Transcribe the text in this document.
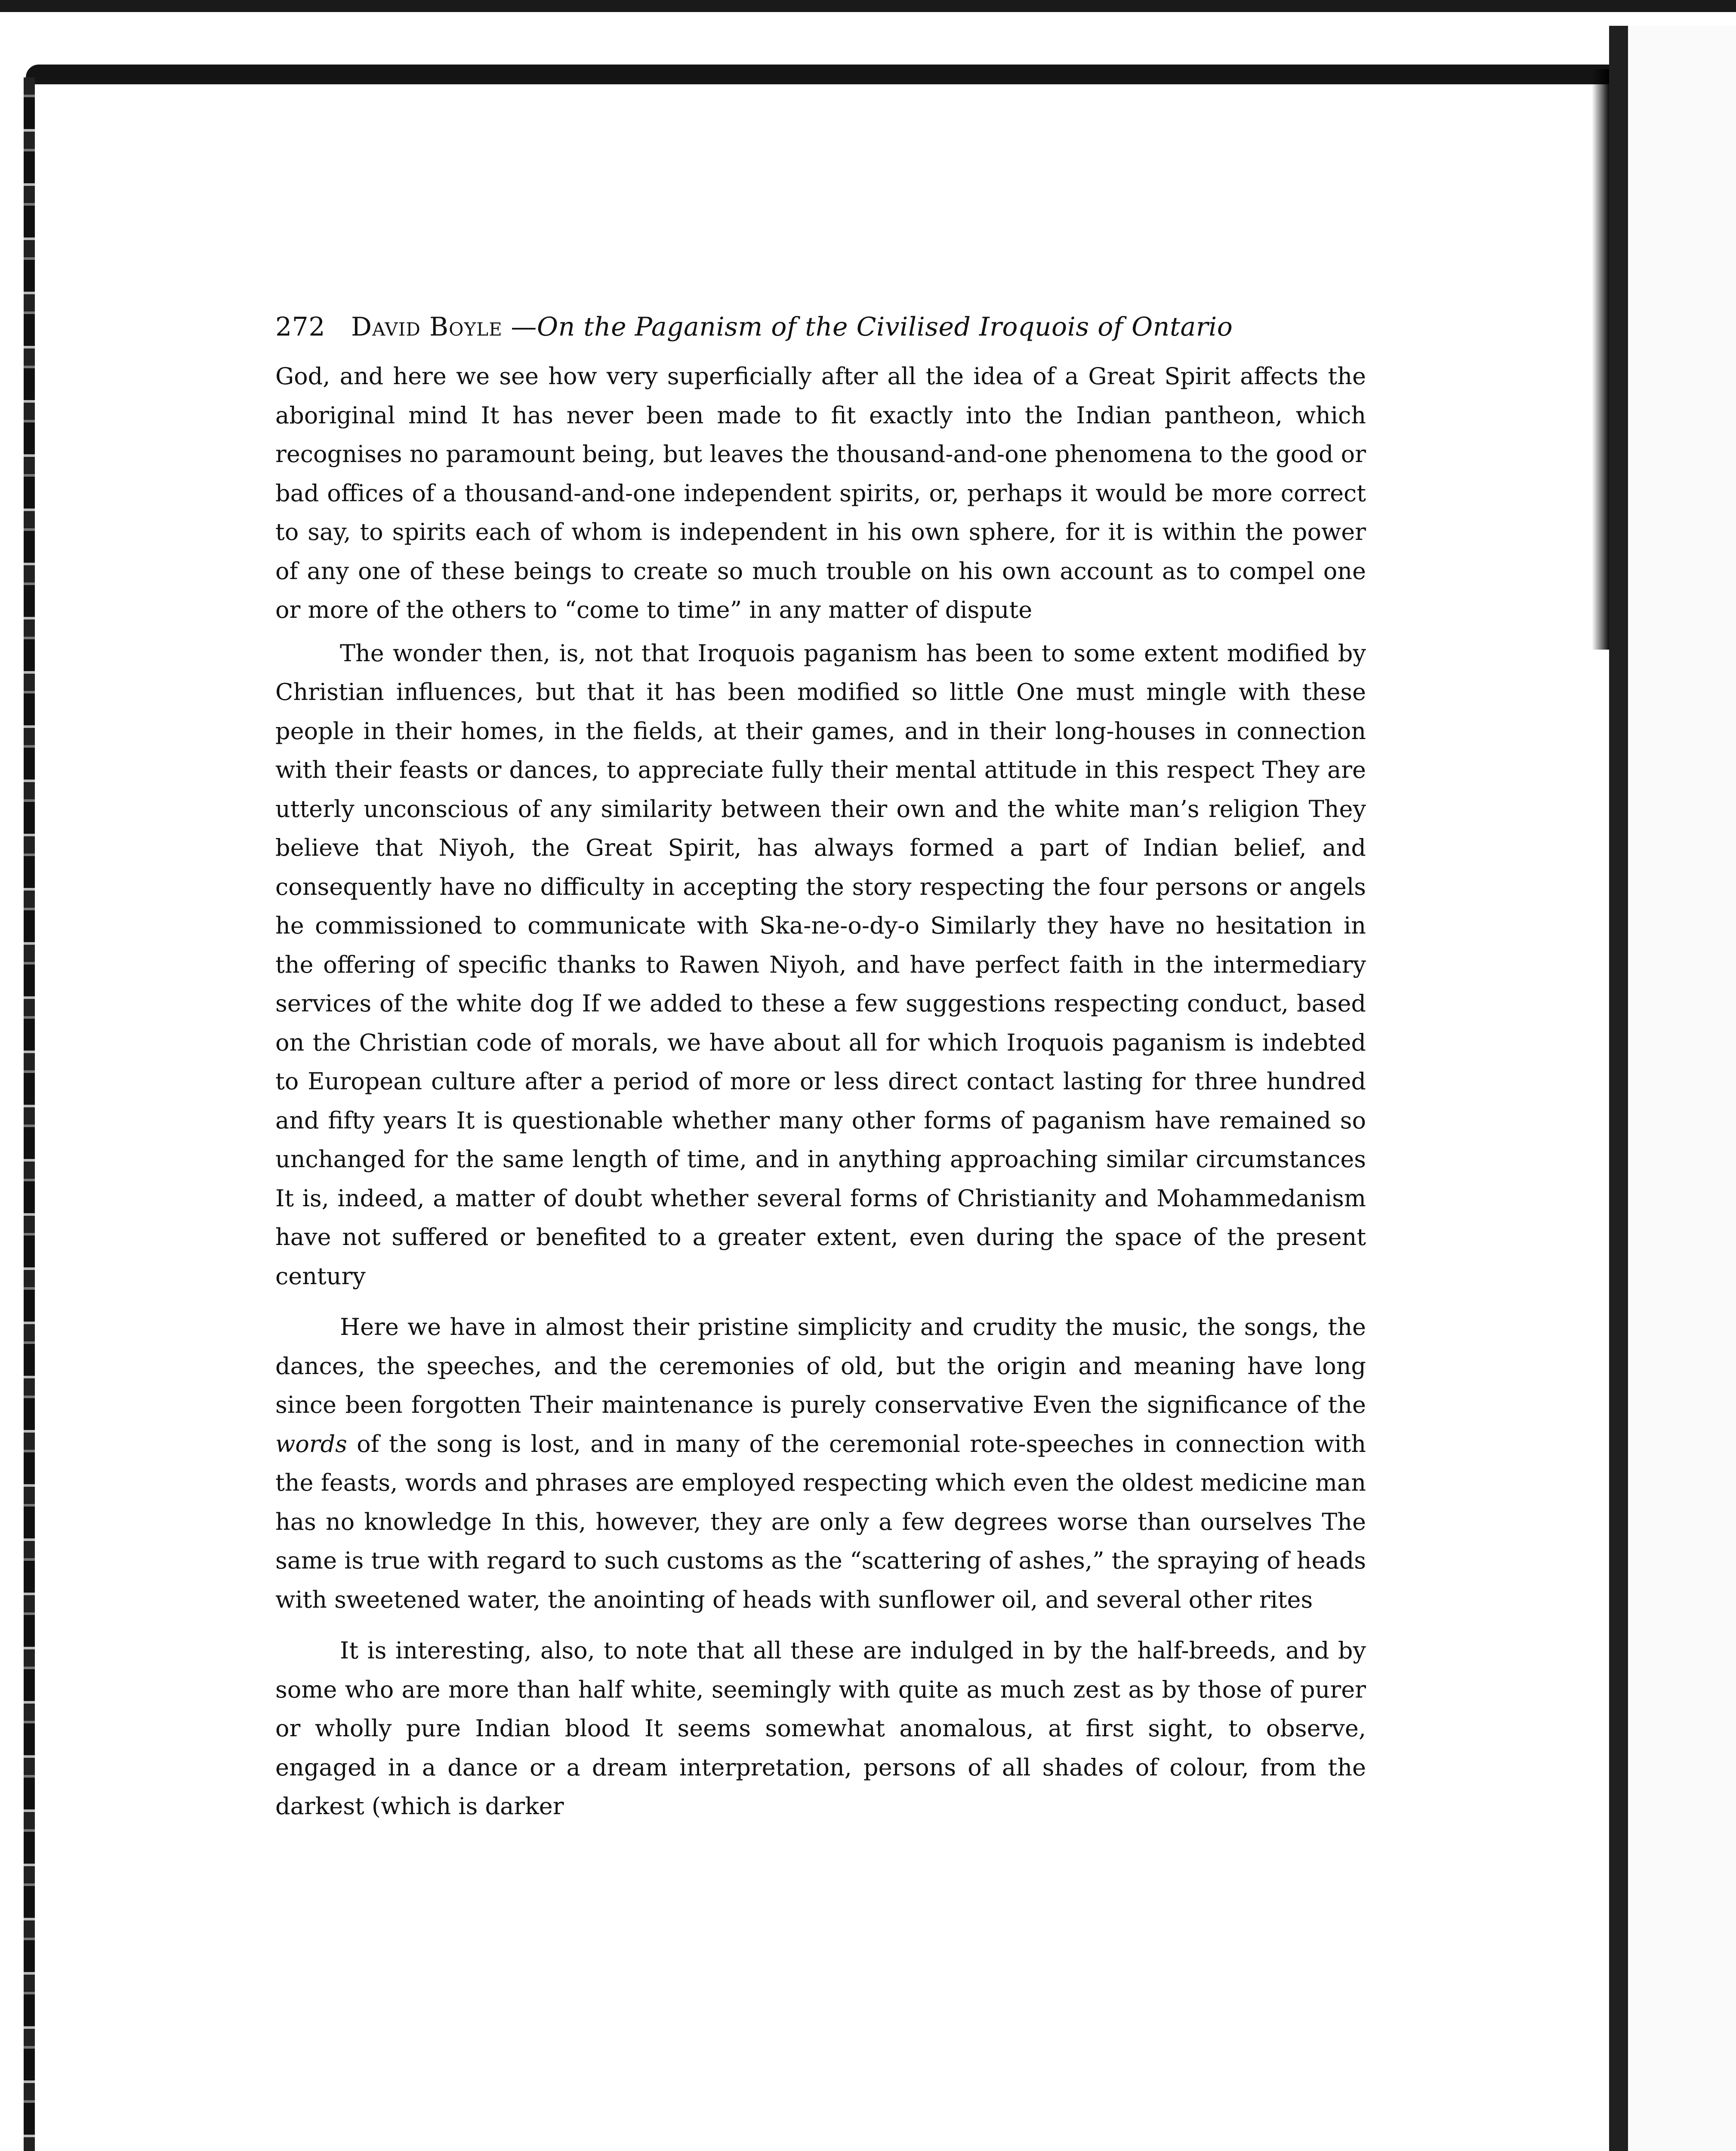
272 David Boyle —On the Paganism of the Civilised Iroquois of Ontario

God, and here we see how very superficially after all the idea of a Great Spirit affects the aboriginal mind It has never been made to fit exactly into the Indian pantheon, which recognises no paramount being, but leaves the thousand-and-one phenomena to the good or bad offices of a thousand-and-one independent spirits, or, perhaps it would be more correct to say, to spirits each of whom is independent in his own sphere, for it is within the power of any one of these beings to create so much trouble on his own account as to compel one or more of the others to “come to time” in any matter of dispute

The wonder then, is, not that Iroquois paganism has been to some extent modified by Christian influences, but that it has been modified so little One must mingle with these people in their homes, in the fields, at their games, and in their long-houses in connection with their feasts or dances, to appreciate fully their mental attitude in this respect They are utterly unconscious of any similarity between their own and the white man’s religion They believe that Niyoh, the Great Spirit, has always formed a part of Indian belief, and consequently have no difficulty in accepting the story respecting the four persons or angels he commissioned to communicate with Ska-ne-o-dy-o Similarly they have no hesitation in the offering of specific thanks to Rawen Niyoh, and have perfect faith in the intermediary services of the white dog If we added to these a few suggestions respecting conduct, based on the Christian code of morals, we have about all for which Iroquois paganism is indebted to European culture after a period of more or less direct contact lasting for three hundred and fifty years It is questionable whether many other forms of paganism have remained so unchanged for the same length of time, and in anything approaching similar circumstances It is, indeed, a matter of doubt whether several forms of Christianity and Mohammedanism have not suffered or benefited to a greater extent, even during the space of the present century

Here we have in almost their pristine simplicity and crudity the music, the songs, the dances, the speeches, and the ceremonies of old, but the origin and meaning have long since been forgotten Their maintenance is purely conservative Even the significance of the words of the song is lost, and in many of the ceremonial rote-speeches in connection with the feasts, words and phrases are employed respecting which even the oldest medicine man has no knowledge In this, however, they are only a few degrees worse than ourselves The same is true with regard to such customs as the “scattering of ashes,” the spraying of heads with sweetened water, the anointing of heads with sunflower oil, and several other rites

It is interesting, also, to note that all these are indulged in by the half-breeds, and by some who are more than half white, seemingly with quite as much zest as by those of purer or wholly pure Indian blood It seems somewhat anomalous, at first sight, to observe, engaged in a dance or a dream interpretation, persons of all shades of colour, from the darkest (which is darker
